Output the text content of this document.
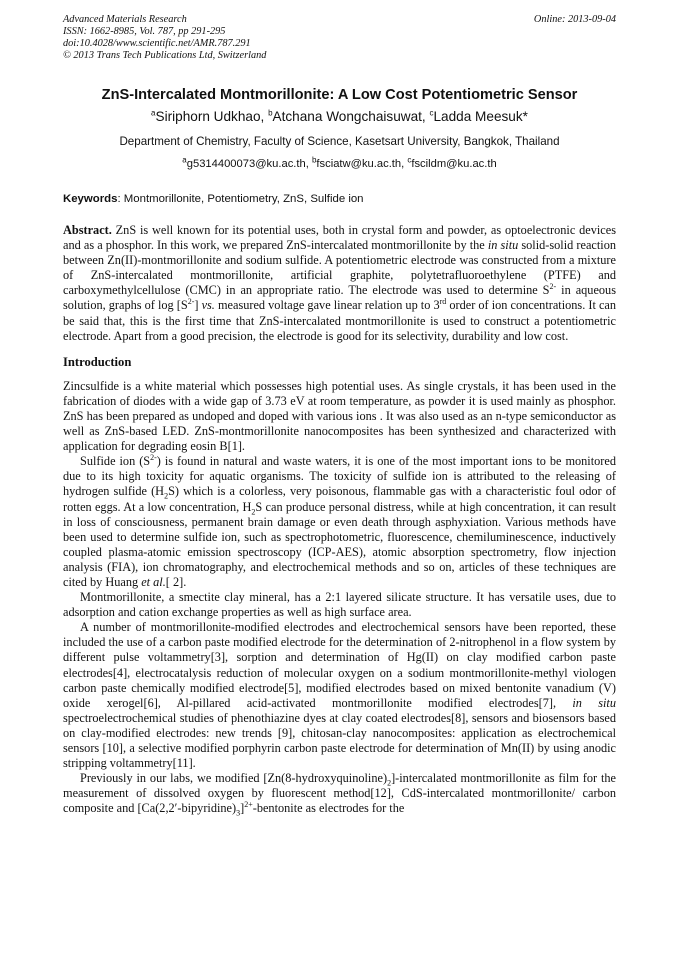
Advanced Materials Research
ISSN: 1662-8985, Vol. 787, pp 291-295
doi:10.4028/www.scientific.net/AMR.787.291
© 2013 Trans Tech Publications Ltd, Switzerland
Online: 2013-09-04
ZnS-Intercalated Montmorillonite: A Low Cost Potentiometric Sensor
$^a$Siriphorn Udkhao, $^b$Atchana Wongchaisuwat, $^c$Ladda Meesuk*
Department of Chemistry, Faculty of Science, Kasetsart University, Bangkok, Thailand
$^a$g5314400073@ku.ac.th, $^b$fsciatw@ku.ac.th, $^c$fscildm@ku.ac.th
Keywords: Montmorillonite, Potentiometry, ZnS, Sulfide ion
Abstract. ZnS is well known for its potential uses, both in crystal form and powder, as optoelectronic devices and as a phosphor. In this work, we prepared ZnS-intercalated montmorillonite by the in situ solid-solid reaction between Zn(II)-montmorillonite and sodium sulfide. A potentiometric electrode was constructed from a mixture of ZnS-intercalated montmorillonite, artificial graphite, polytetrafluoroethylene (PTFE) and carboxymethylcellulose (CMC) in an appropriate ratio. The electrode was used to determine $S^{2-}$ in aqueous solution, graphs of $\log [S^{2-}]$ vs. measured voltage gave linear relation up to 3rd order of ion concentrations. It can be said that, this is the first time that ZnS-intercalated montmorillonite is used to construct a potentiometric electrode. Apart from a good precision, the electrode is good for its selectivity, durability and low cost.
Introduction

Zincsulfide is a white material which possesses high potential uses. As single crystals, it has been used in the fabrication of diodes with a wide gap of 3.73 eV at room temperature, as powder it is used mainly as phosphor. ZnS has been prepared as undoped and doped with various ions . It was also used as an n-type semiconductor as well as ZnS-based LED. ZnS-montmorillonite nanocomposites has been synthesized and characterized with application for degrading eosin B[1].

Sulfide ion $(S^{2-})$ is found in natural and waste waters, it is one of the most important ions to be monitored due to its high toxicity for aquatic organisms. The toxicity of sulfide ion is attributed to the releasing of hydrogen sulfide $(H_2S)$ which is a colorless, very poisonous, flammable gas with a characteristic foul odor of rotten eggs. At a low concentration, $H_2S$ can produce personal distress, while at high concentration, it can result in loss of consciousness, permanent brain damage or even death through asphyxiation. Various methods have been used to determine sulfide ion, such as spectrophotometric, fluorescence, chemiluminescence, inductively coupled plasma-atomic emission spectroscopy (ICP-AES), atomic absorption spectrometry, flow injection analysis (FIA), ion chromatography, and electrochemical methods and so on, articles of these techniques are cited by Huang et al.[ 2].

Montmorillonite, a smectite clay mineral, has a 2:1 layered silicate structure. It has versatile uses, due to adsorption and cation exchange properties as well as high surface area.

A number of montmorillonite-modified electrodes and electrochemical sensors have been reported, these included the use of a carbon paste modified electrode for the determination of 2-nitrophenol in a flow system by different pulse voltammetry[3], sorption and determination of Hg(II) on clay modified carbon paste electrodes[4], electrocatalysis reduction of molecular oxygen on a sodium montmorillonite-methyl viologen carbon paste chemically modified electrode[5], modified electrodes based on mixed bentonite vanadium (V) oxide xerogel[6], Al-pillared acid-activated montmorillonite modified electrodes[7], in situ spectroelectrochemical studies of phenothiazine dyes at clay coated electrodes[8], sensors and biosensors based on clay-modified electrodes: new trends [9], chitosan-clay nanocomposites: application as electrochemical sensors [10], a selective modified porphyrin carbon paste electrode for determination of Mn(II) by using anodic stripping voltammetry[11].

Previously in our labs, we modified $[Zn(8-hydroxyquinoline)_2]$-intercalated montmorillonite as film for the measurement of dissolved oxygen by fluorescent method[12], CdS-intercalated montmorillonite/ carbon composite and $[Ca(2,2'-bipyridine)_3]^{2+}$-bentonite as electrodes for the
